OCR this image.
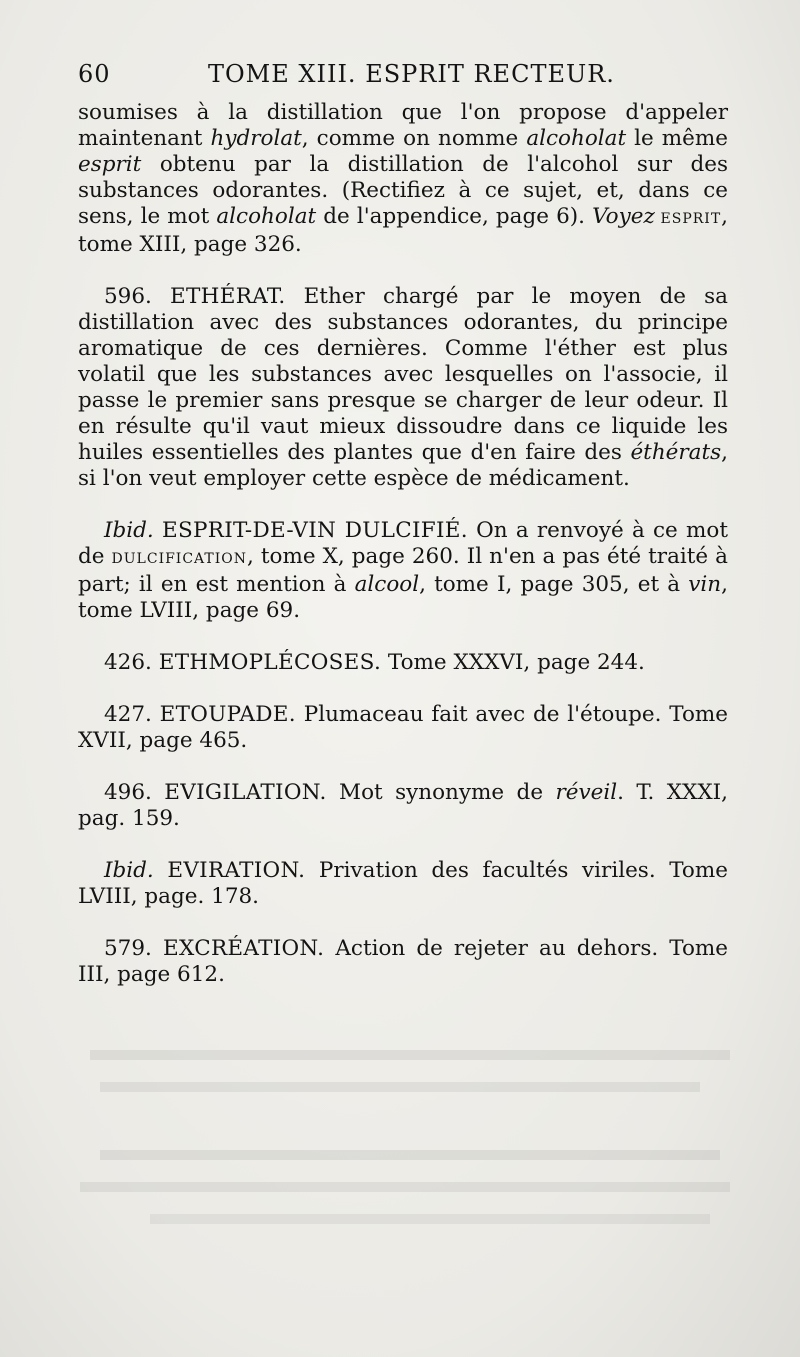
60	TOME XIII. ESPRIT RECTEUR.

soumises à la distillation que l'on propose d'appeler maintenant hydrolat, comme on nomme alcoholat le même esprit obtenu par la distillation de l'alcohol sur des substances odorantes. (Rectifiez à ce sujet, et, dans ce sens, le mot alcoholat de l'appendice, page 6). Voyez ESPRIT, tome XIII, page 326.

596. ETHÉRAT. Ether chargé par le moyen de sa distillation avec des substances odorantes, du principe aromatique de ces dernières. Comme l'éther est plus volatil que les substances avec lesquelles on l'associe, il passe le premier sans presque se charger de leur odeur. Il en résulte qu'il vaut mieux dissoudre dans ce liquide les huiles essentielles des plantes que d'en faire des éthérats, si l'on veut employer cette espèce de médicament.

Ibid. ESPRIT-DE-VIN DULCIFIÉ. On a renvoyé à ce mot de DULCIFICATION, tome X, page 260. Il n'en a pas été traité à part; il en est mention à alcool, tome I, page 305, et à vin, tome LVIII, page 69.

426. ETHMOPLÉCOSES. Tome XXXVI, page 244.

427. ETOUPADE. Plumaceau fait avec de l'étoupe. Tome XVII, page 465.

496. EVIGILATION. Mot synonyme de réveil. T. XXXI, pag. 159.

Ibid. EVIRATION. Privation des facultés viriles. Tome LVIII, page. 178.

579. EXCRÉATION. Action de rejeter au dehors. Tome III, page 612.
